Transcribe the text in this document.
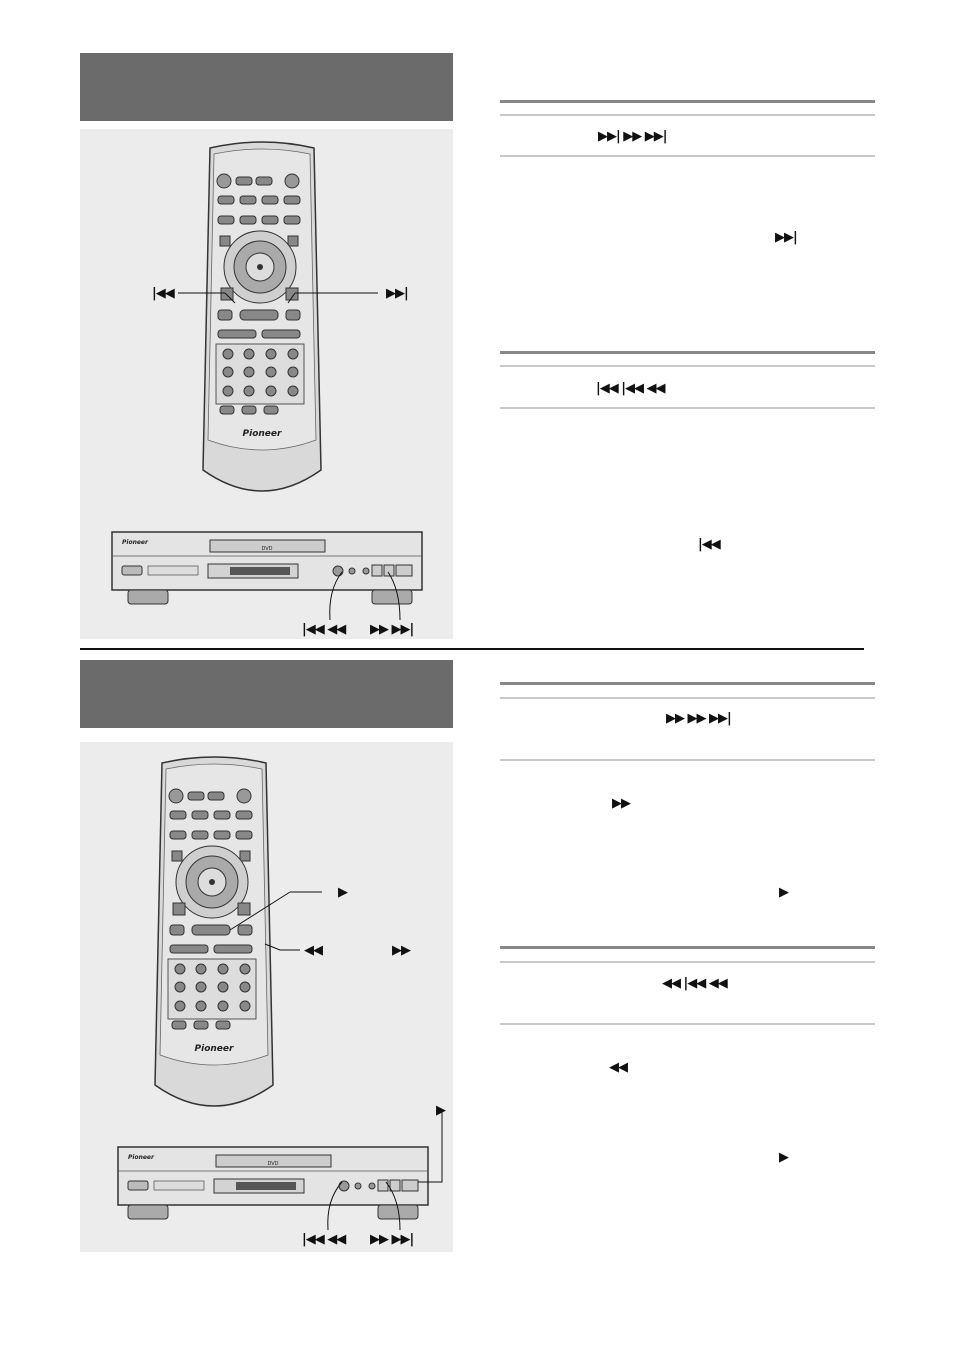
Pioneer
|◀◀	▶▶|
Pioneer
DVD
|◀◀ ◀◀ ▶▶ ▶▶|
▶▶| ▶▶ ▶▶|
▶▶|
|◀◀ |◀◀ ◀◀
|◀◀
Pioneer
▶
◀◀	▶▶
Pioneer
DVD
▶
|◀◀ ◀◀ ▶▶ ▶▶|
▶▶ ▶▶ ▶▶|
▶▶
▶
◀◀ |◀◀ ◀◀
◀◀
▶
